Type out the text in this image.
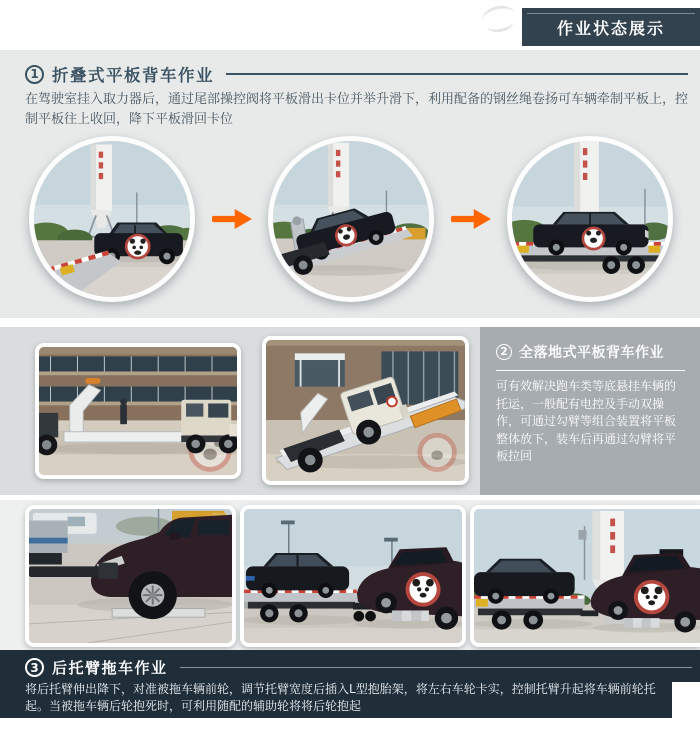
作业状态展示
1 折叠式平板背车作业

在驾驶室挂入取力器后，通过尾部操控阀将平板滑出卡位并举升滑下，利用配备的钢丝绳卷扬可车辆牵制平板上，控制平板往上收回，降下平板滑回卡位

2 全落地式平板背车作业

可有效解决跑车类等底悬挂车辆的托运，一般配有电控及手动双操作，可通过勾臂等组合装置将平板整体放下，装车后再通过勾臂将平板拉回

3 后托臂拖车作业

将后托臂伸出降下，对准被拖车辆前轮，调节托臂宽度后插入L型抱胎架，将左右车轮卡实，控制托臂升起将车辆前轮托起。当被拖车辆后轮抱死时，可利用随配的辅助轮将将后轮抱起
